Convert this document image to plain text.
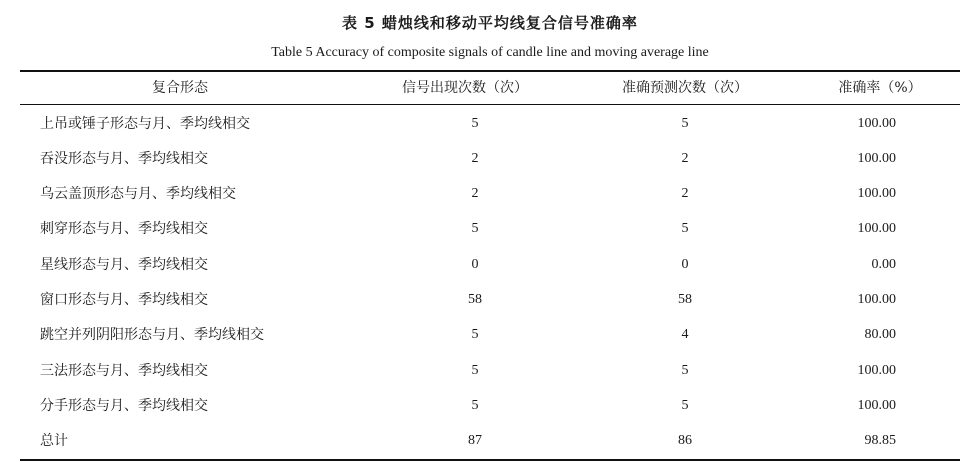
表 5 蜡烛线和移动平均线复合信号准确率
Table 5 Accuracy of composite signals of candle line and moving average line
复合形态	信号出现次数（次）	准确预测次数（次）	准确率（%）
上吊或锤子形态与月、季均线相交	5	5	100.00
吞没形态与月、季均线相交	2	2	100.00
乌云盖顶形态与月、季均线相交	2	2	100.00
刺穿形态与月、季均线相交	5	5	100.00
星线形态与月、季均线相交	0	0	0.00
窗口形态与月、季均线相交	58	58	100.00
跳空并列阴阳形态与月、季均线相交	5	4	80.00
三法形态与月、季均线相交	5	5	100.00
分手形态与月、季均线相交	5	5	100.00
总计	87	86	98.85
